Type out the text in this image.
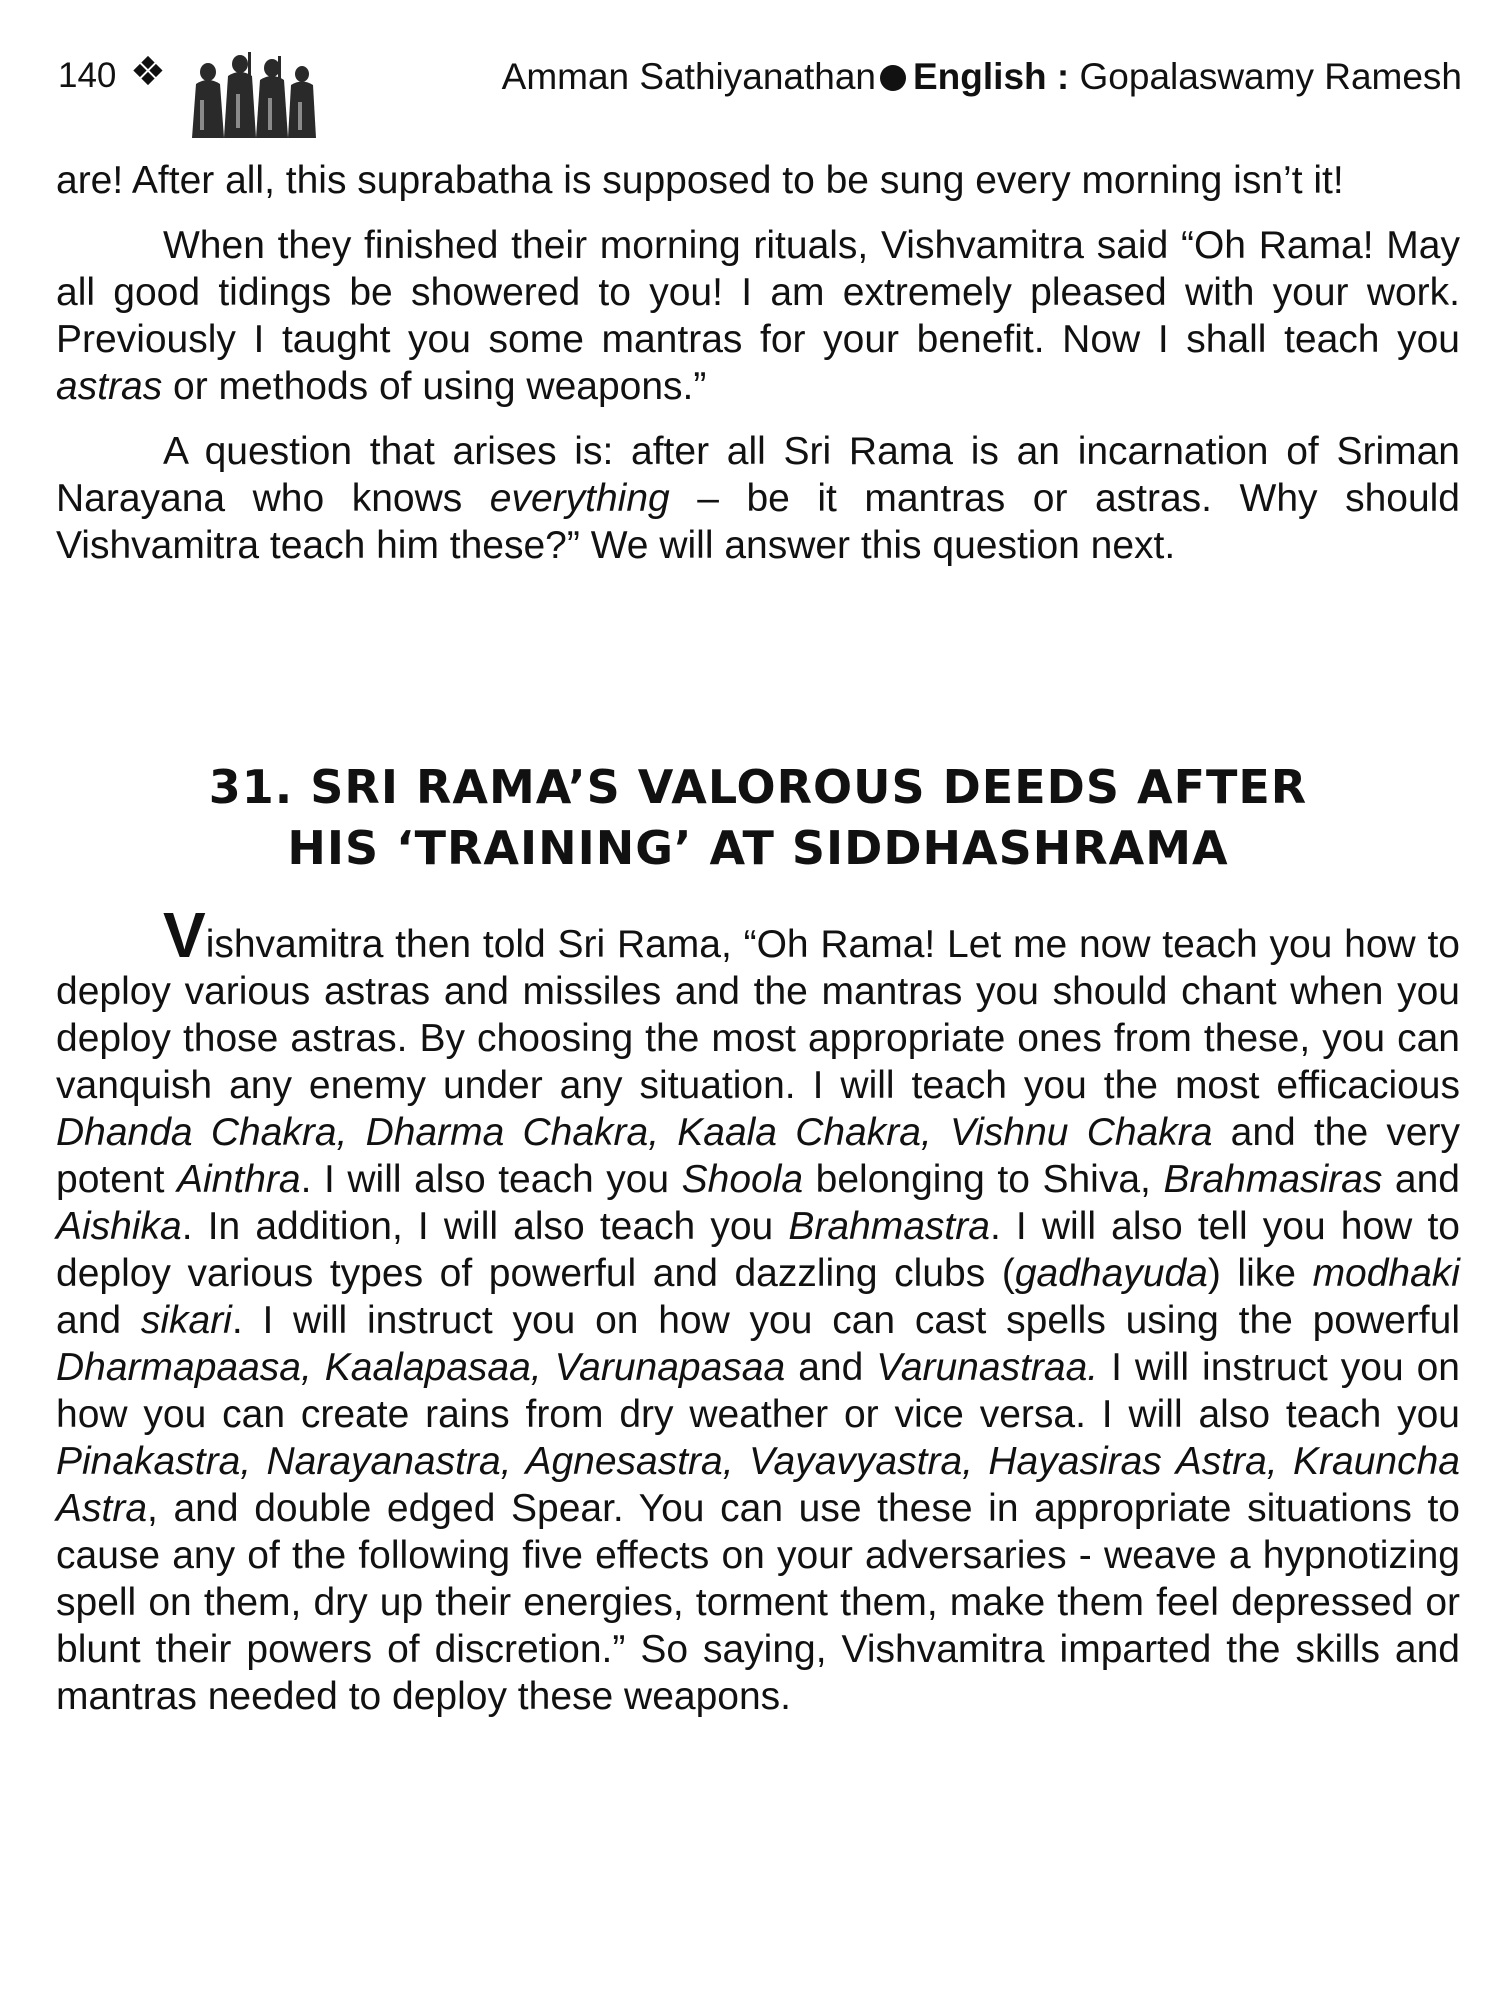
140 ❖	Amman Sathiyanathan English : Gopalaswamy Ramesh

are! After all, this suprabatha is supposed to be sung every morning isn’t it!

When they finished their morning rituals, Vishvamitra said “Oh Rama! May all good tidings be showered to you! I am extremely pleased with your work. Previously I taught you some mantras for your benefit. Now I shall teach you astras or methods of using weapons.”

A question that arises is: after all Sri Rama is an incarnation of Sriman Narayana who knows everything – be it mantras or astras. Why should Vishvamitra teach him these?” We will answer this question next.

31. SRI RAMA’S VALOROUS DEEDS AFTER
HIS ‘TRAINING’ AT SIDDHASHRAMA

Vishvamitra then told Sri Rama, “Oh Rama! Let me now teach you how to deploy various astras and missiles and the mantras you should chant when you deploy those astras. By choosing the most appropriate ones from these, you can vanquish any enemy under any situation. I will teach you the most efficacious Dhanda Chakra, Dharma Chakra, Kaala Chakra, Vishnu Chakra and the very potent Ainthra. I will also teach you Shoola belonging to Shiva, Brahmasiras and Aishika. In addition, I will also teach you Brahmastra. I will also tell you how to deploy various types of powerful and dazzling clubs (gadhayuda) like modhaki and sikari. I will instruct you on how you can cast spells using the powerful Dharmapaasa, Kaalapasaa, Varunapasaa and Varunastraa. I will instruct you on how you can create rains from dry weather or vice versa. I will also teach you Pinakastra, Narayanastra, Agnesastra, Vayavyastra, Hayasiras Astra, Krauncha Astra, and double edged Spear. You can use these in appropriate situations to cause any of the following five effects on your adversaries - weave a hypnotizing spell on them, dry up their energies, torment them, make them feel depressed or blunt their powers of discretion.” So saying, Vishvamitra imparted the skills and mantras needed to deploy these weapons.
